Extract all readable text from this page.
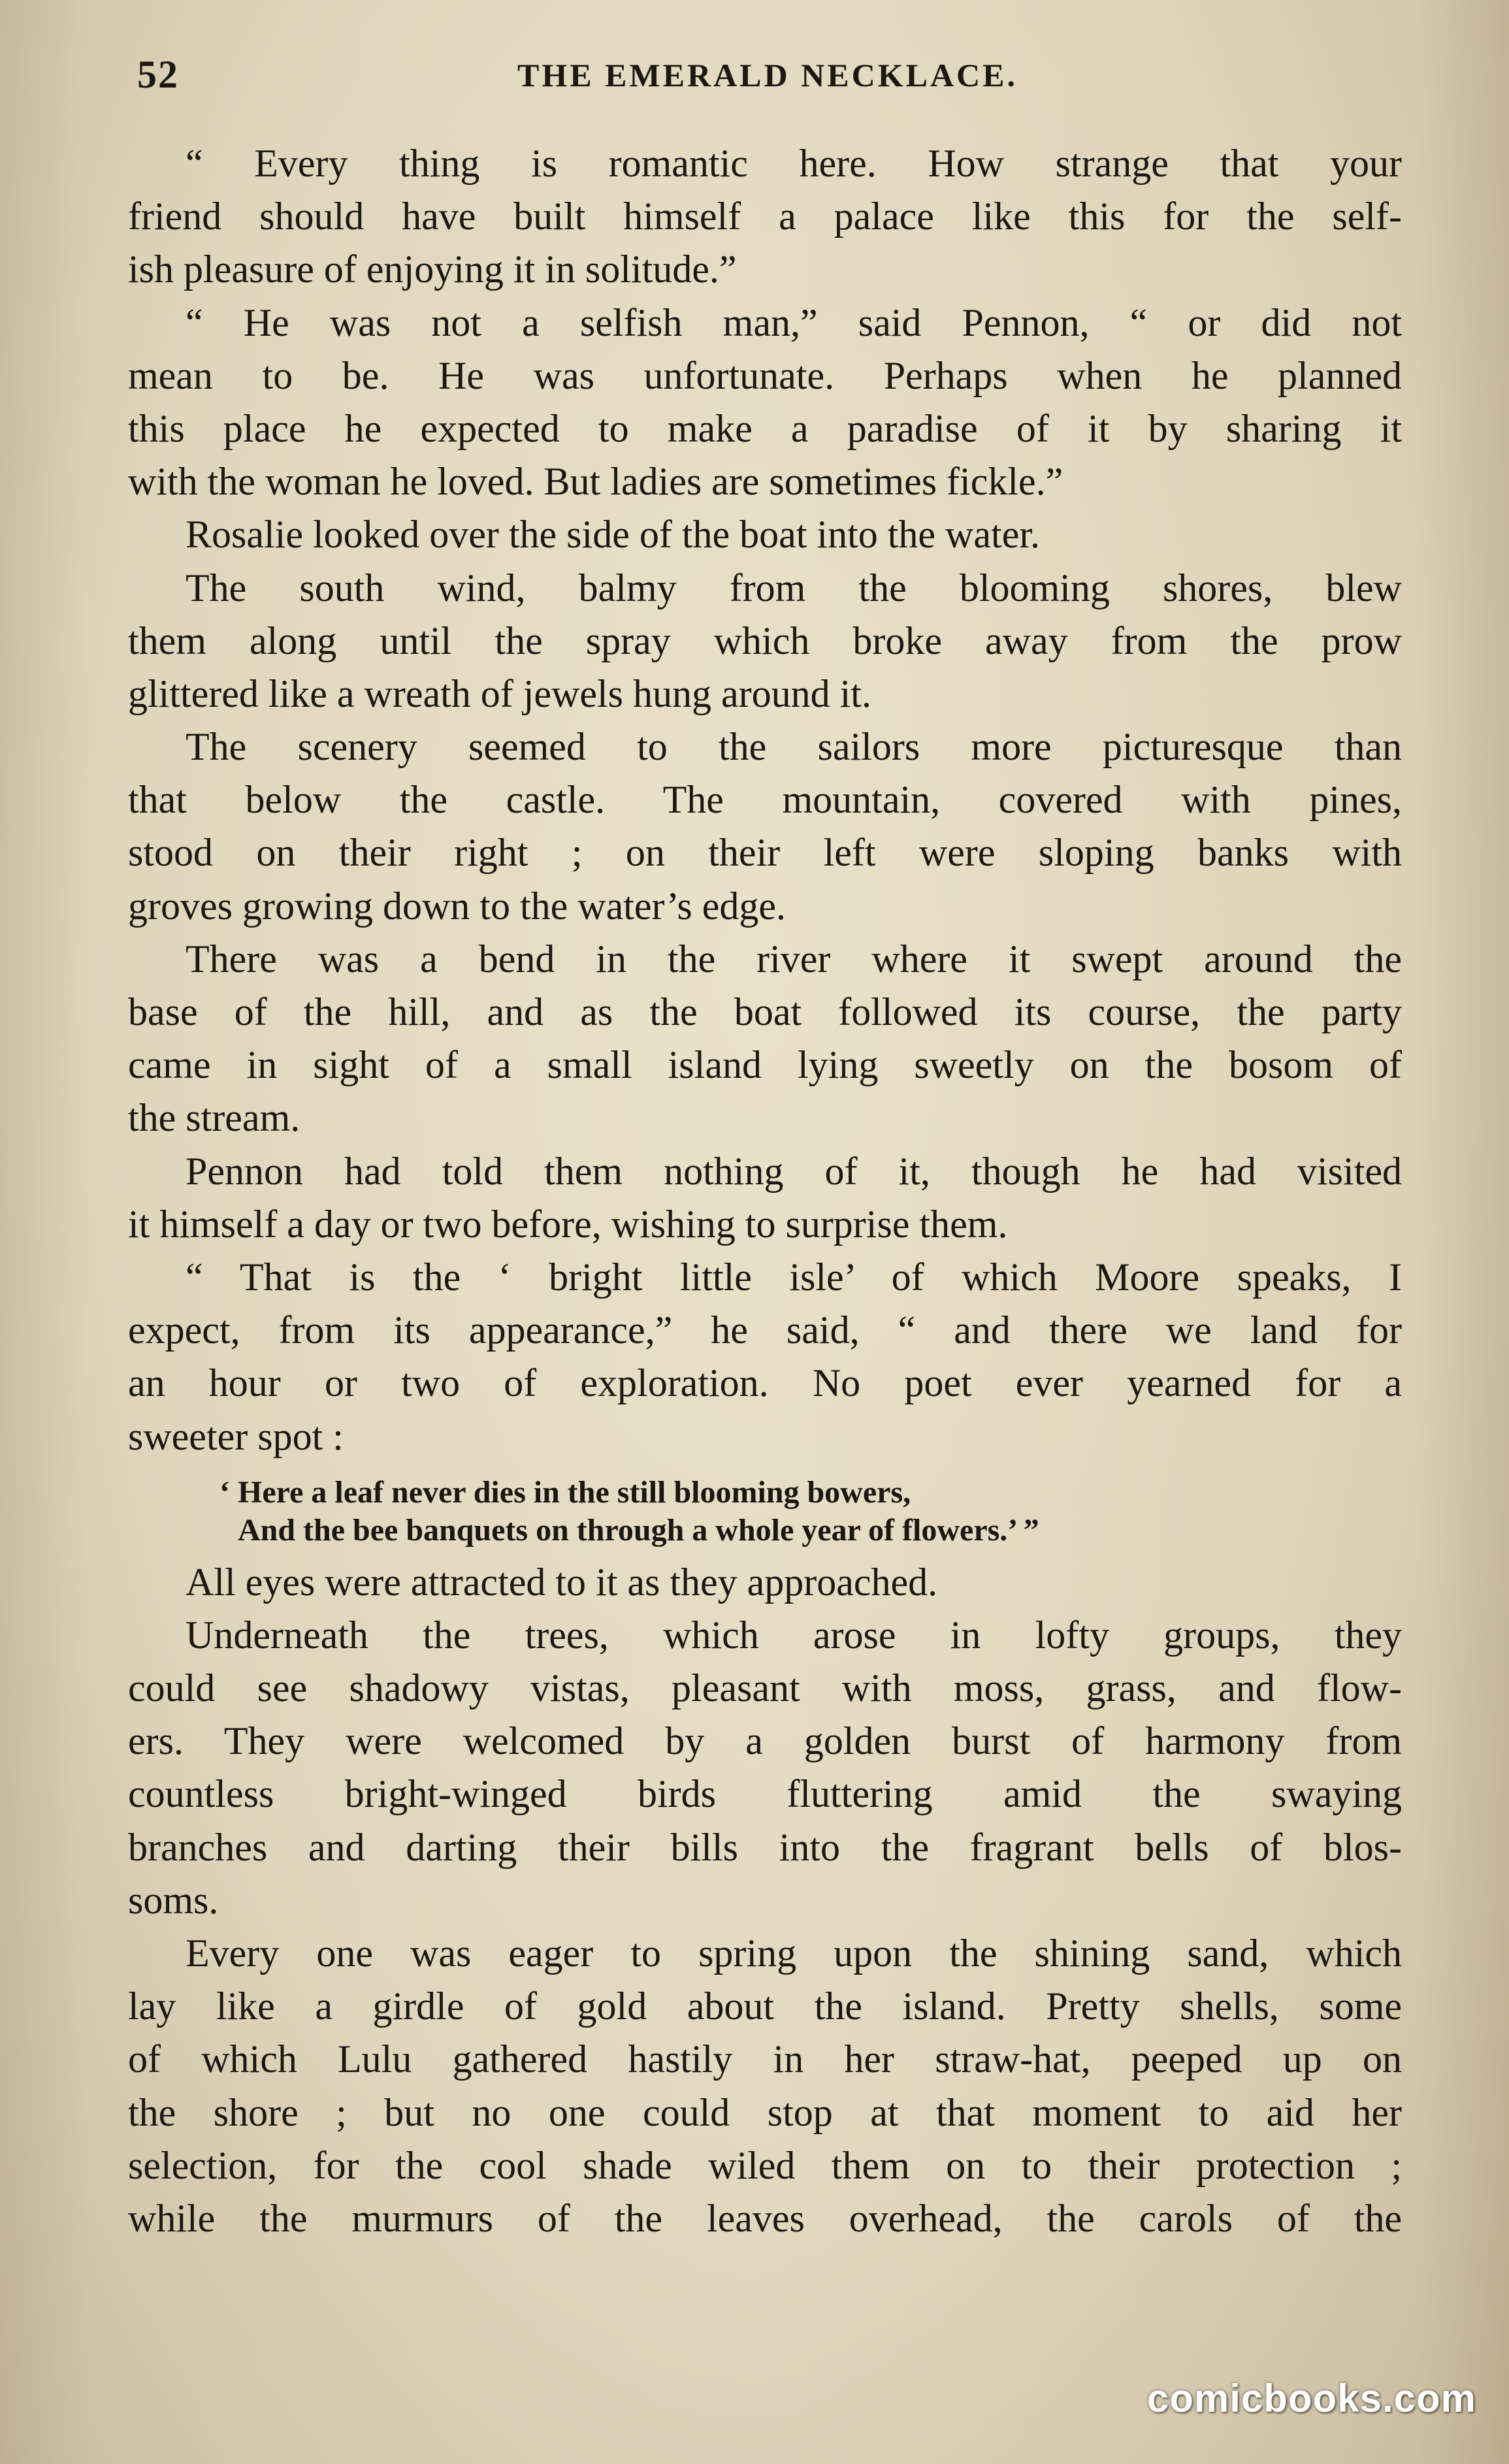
52	THE EMERALD NECKLACE.
“ Every thing is romantic here. How strange that your
friend should have built himself a palace like this for the self-
ish pleasure of enjoying it in solitude.”
“ He was not a selfish man,” said Pennon, “ or did not
mean to be. He was unfortunate. Perhaps when he planned
this place he expected to make a paradise of it by sharing it
with the woman he loved. But ladies are sometimes fickle.”
Rosalie looked over the side of the boat into the water.
The south wind, balmy from the blooming shores, blew
them along until the spray which broke away from the prow
glittered like a wreath of jewels hung around it.
The scenery seemed to the sailors more picturesque than
that below the castle. The mountain, covered with pines,
stood on their right ; on their left were sloping banks with
groves growing down to the water’s edge.
There was a bend in the river where it swept around the
base of the hill, and as the boat followed its course, the party
came in sight of a small island lying sweetly on the bosom of
the stream.
Pennon had told them nothing of it, though he had visited
it himself a day or two before, wishing to surprise them.
“ That is the ‘ bright little isle’ of which Moore speaks, I
expect, from its appearance,” he said, “ and there we land for
an hour or two of exploration. No poet ever yearned for a
sweeter spot :
‘ Here a leaf never dies in the still blooming bowers,
And the bee banquets on through a whole year of flowers.’ ”
All eyes were attracted to it as they approached.
Underneath the trees, which arose in lofty groups, they
could see shadowy vistas, pleasant with moss, grass, and flow-
ers. They were welcomed by a golden burst of harmony from
countless bright-winged birds fluttering amid the swaying
branches and darting their bills into the fragrant bells of blos-
soms.
Every one was eager to spring upon the shining sand, which
lay like a girdle of gold about the island. Pretty shells, some
of which Lulu gathered hastily in her straw-hat, peeped up on
the shore ; but no one could stop at that moment to aid her
selection, for the cool shade wiled them on to their protection ;
while the murmurs of the leaves overhead, the carols of the
comicbooks.com
